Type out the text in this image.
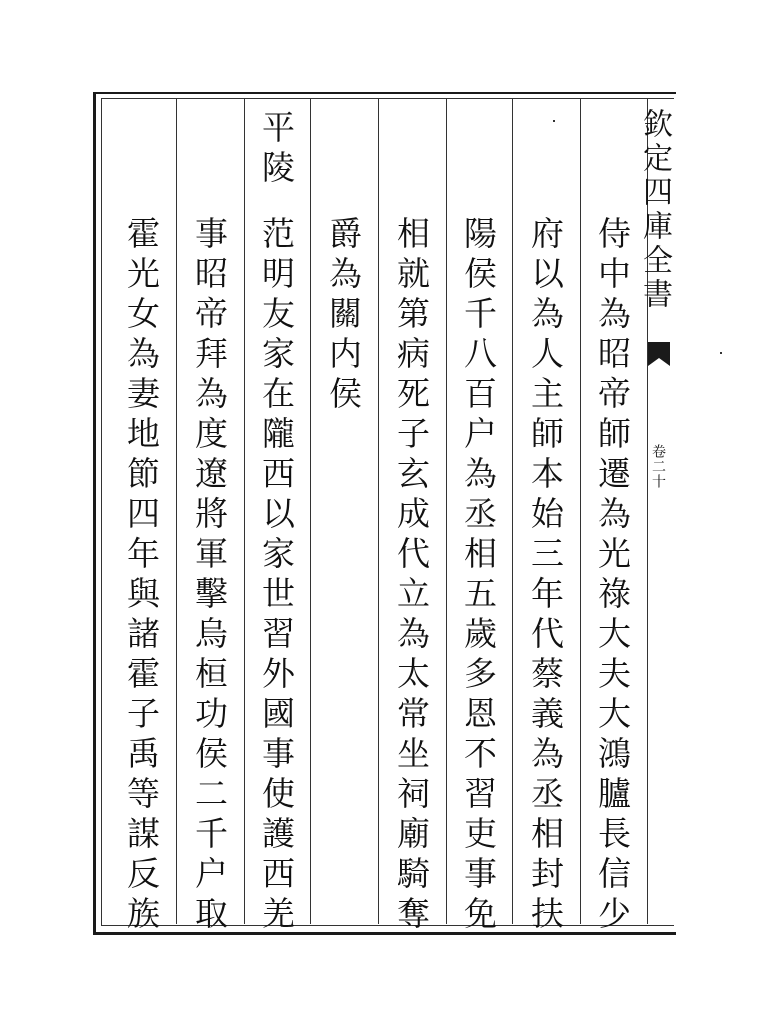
欽定四庫全書
卷二十
侍中為昭帝師遷為光祿大夫大鴻臚長信少
府以為人主師本始三年代蔡義為丞相封扶
陽侯千八百户為丞相五歲多恩不習吏事免
相就第病死子玄成代立為太常坐祠廟騎奪
爵為關内侯
平陵
范明友家在隴西以家世習外國事使護西羌
事昭帝拜為度遼將軍擊烏桓功侯二千户取
霍光女為妻地節四年與諸霍子禹等謀反族
